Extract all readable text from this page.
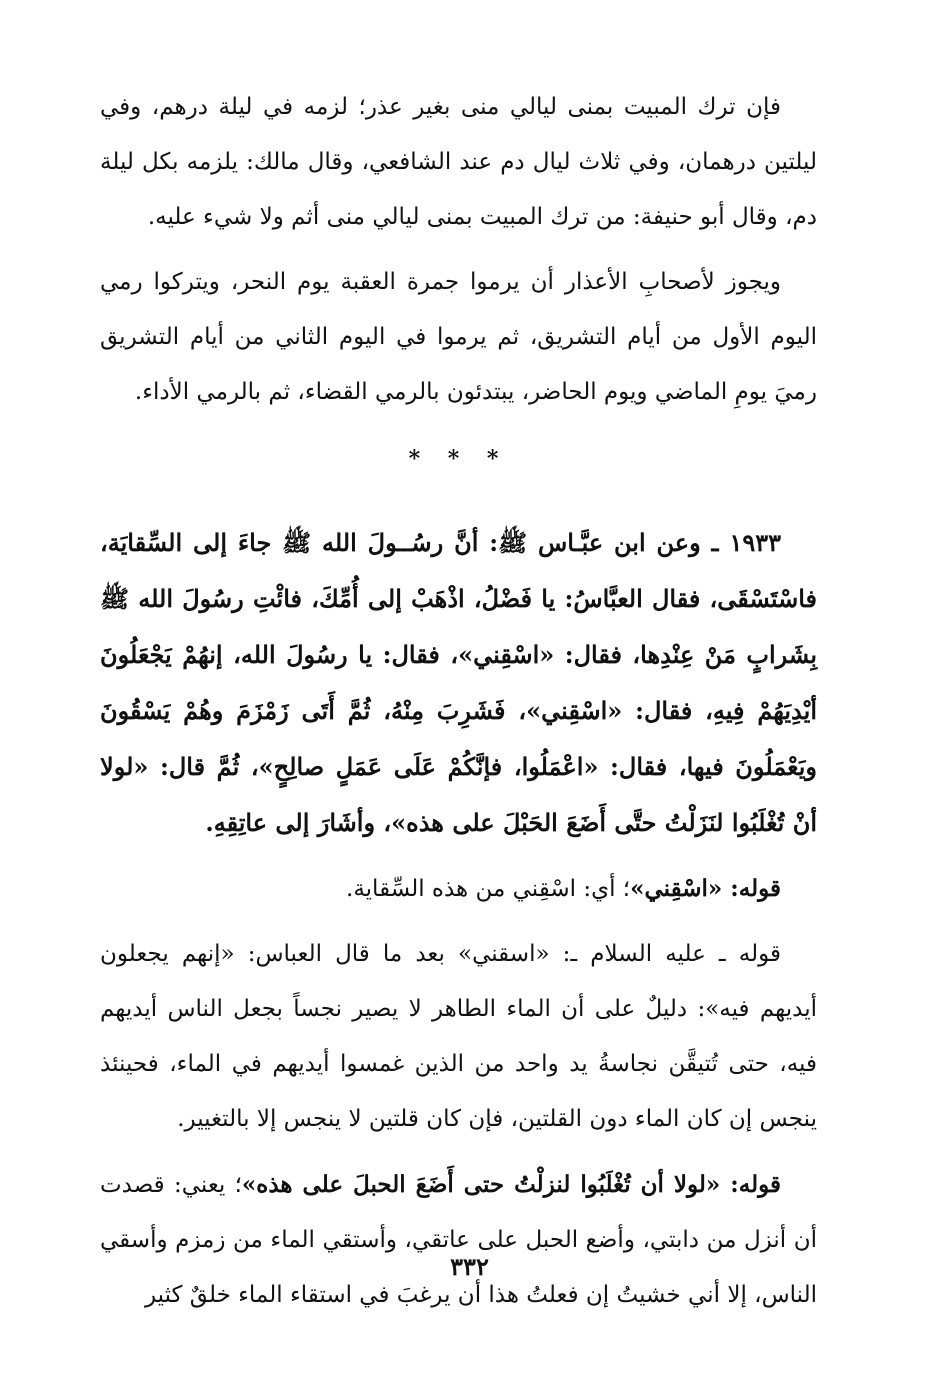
فإن ترك المبيت بمنى ليالي منى بغير عذر؛ لزمه في ليلة درهم، وفي ليلتين درهمان، وفي ثلاث ليال دم عند الشافعي، وقال مالك: يلزمه بكل ليلة دم، وقال أبو حنيفة: من ترك المبيت بمنى ليالي منى أثم ولا شيء عليه.

ويجوز لأصحابِ الأعذار أن يرموا جمرة العقبة يوم النحر، ويتركوا رمي اليوم الأول من أيام التشريق، ثم يرموا في اليوم الثاني من أيام التشريق رميَ يومِ الماضي ويوم الحاضر، يبتدئون بالرمي القضاء، ثم بالرمي الأداء.

* * *

١٩٣٣ ـ وعن ابن عبَّـاس ﷺ: أنَّ رسُــولَ الله ﷺ جاءَ إلى السِّقايَة، فاسْتَسْقَى، فقال العبَّاسُ: يا فَضْلُ، اذْهَبْ إلى أُمِّكَ، فائْتِ رسُولَ الله ﷺ بِشَرابٍ مَنْ عِنْدِها، فقال: «اسْقِني»، فقال: يا رسُولَ الله، إنهُمْ يَجْعَلُونَ أيْدِيَهُمْ فِيهِ، فقال: «اسْقِني»، فَشَرِبَ مِنْهُ، ثُمَّ أَتَى زَمْزَمَ وهُمْ يَسْقُونَ ويَعْمَلُونَ فيها، فقال: «اعْمَلُوا، فإنَّكُمْ عَلَى عَمَلٍ صالِحٍ»، ثُمَّ قال: «لولا أنْ تُغْلَبُوا لنَزَلْتُ حتَّى أَضَعَ الحَبْلَ على هذه»، وأشَارَ إلى عاتِقِهِ.

قوله: «اسْقِني»؛ أي: اسْقِني من هذه السِّقاية.

قوله ـ عليه السلام ـ: «اسقني» بعد ما قال العباس: «إنهم يجعلون أيديهم فيه»: دليلٌ على أن الماء الطاهر لا يصير نجساً بجعل الناس أيديهم فيه، حتى تُتيقَّن نجاسةُ يد واحد من الذين غمسوا أيديهم في الماء، فحينئذ ينجس إن كان الماء دون القلتين، فإن كان قلتين لا ينجس إلا بالتغيير.

قوله: «لولا أن تُغْلَبُوا لنزلْتُ حتى أَضَعَ الحبلَ على هذه»؛ يعني: قصدت أن أنزل من دابتي، وأضع الحبل على عاتقي، وأستقي الماء من زمزم وأسقي الناس، إلا أني خشيتُ إن فعلتُ هذا أن يرغبَ في استقاء الماء خلقٌ كثير

٣٣٢
